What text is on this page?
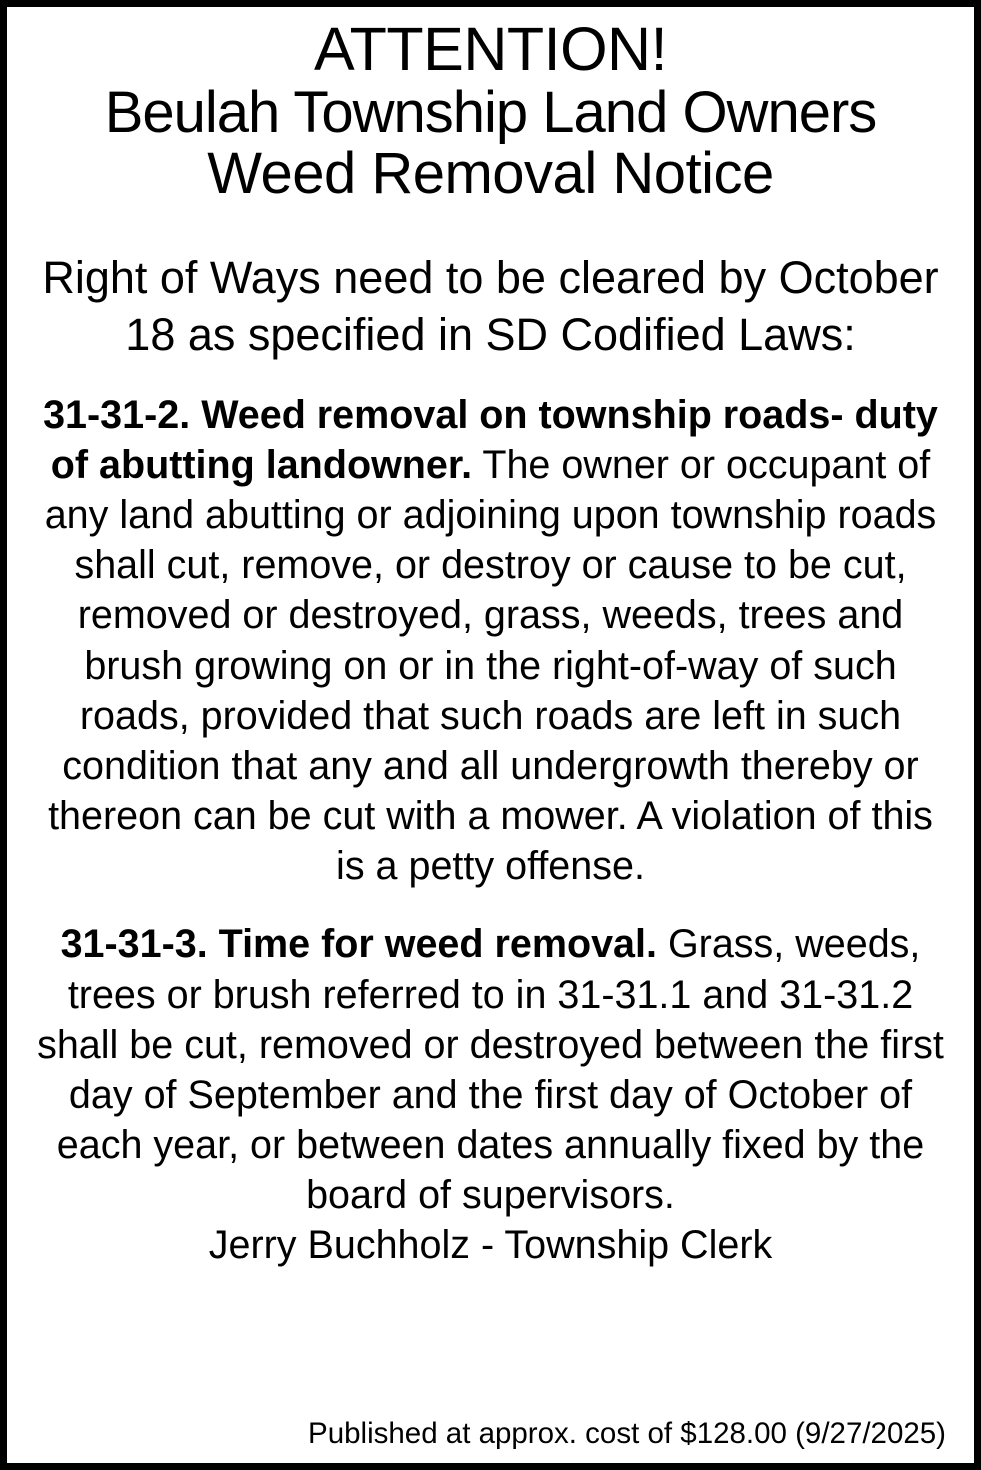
ATTENTION!
Beulah Township Land Owners
Weed Removal Notice
Right of Ways need to be cleared by October 18 as specified in SD Codified Laws:
31-31-2. Weed removal on township roads- duty of abutting landowner. The owner or occupant of any land abutting or adjoining upon township roads shall cut, remove, or destroy or cause to be cut, removed or destroyed, grass, weeds, trees and brush growing on or in the right-of-way of such roads, provided that such roads are left in such condition that any and all undergrowth thereby or thereon can be cut with a mower. A violation of this is a petty offense.
31-31-3. Time for weed removal. Grass, weeds, trees or brush referred to in 31-31.1 and 31-31.2 shall be cut, removed or destroyed between the first day of September and the first day of October of each year, or between dates annually fixed by the board of supervisors.
Jerry Buchholz - Township Clerk
Published at approx. cost of $128.00 (9/27/2025)
